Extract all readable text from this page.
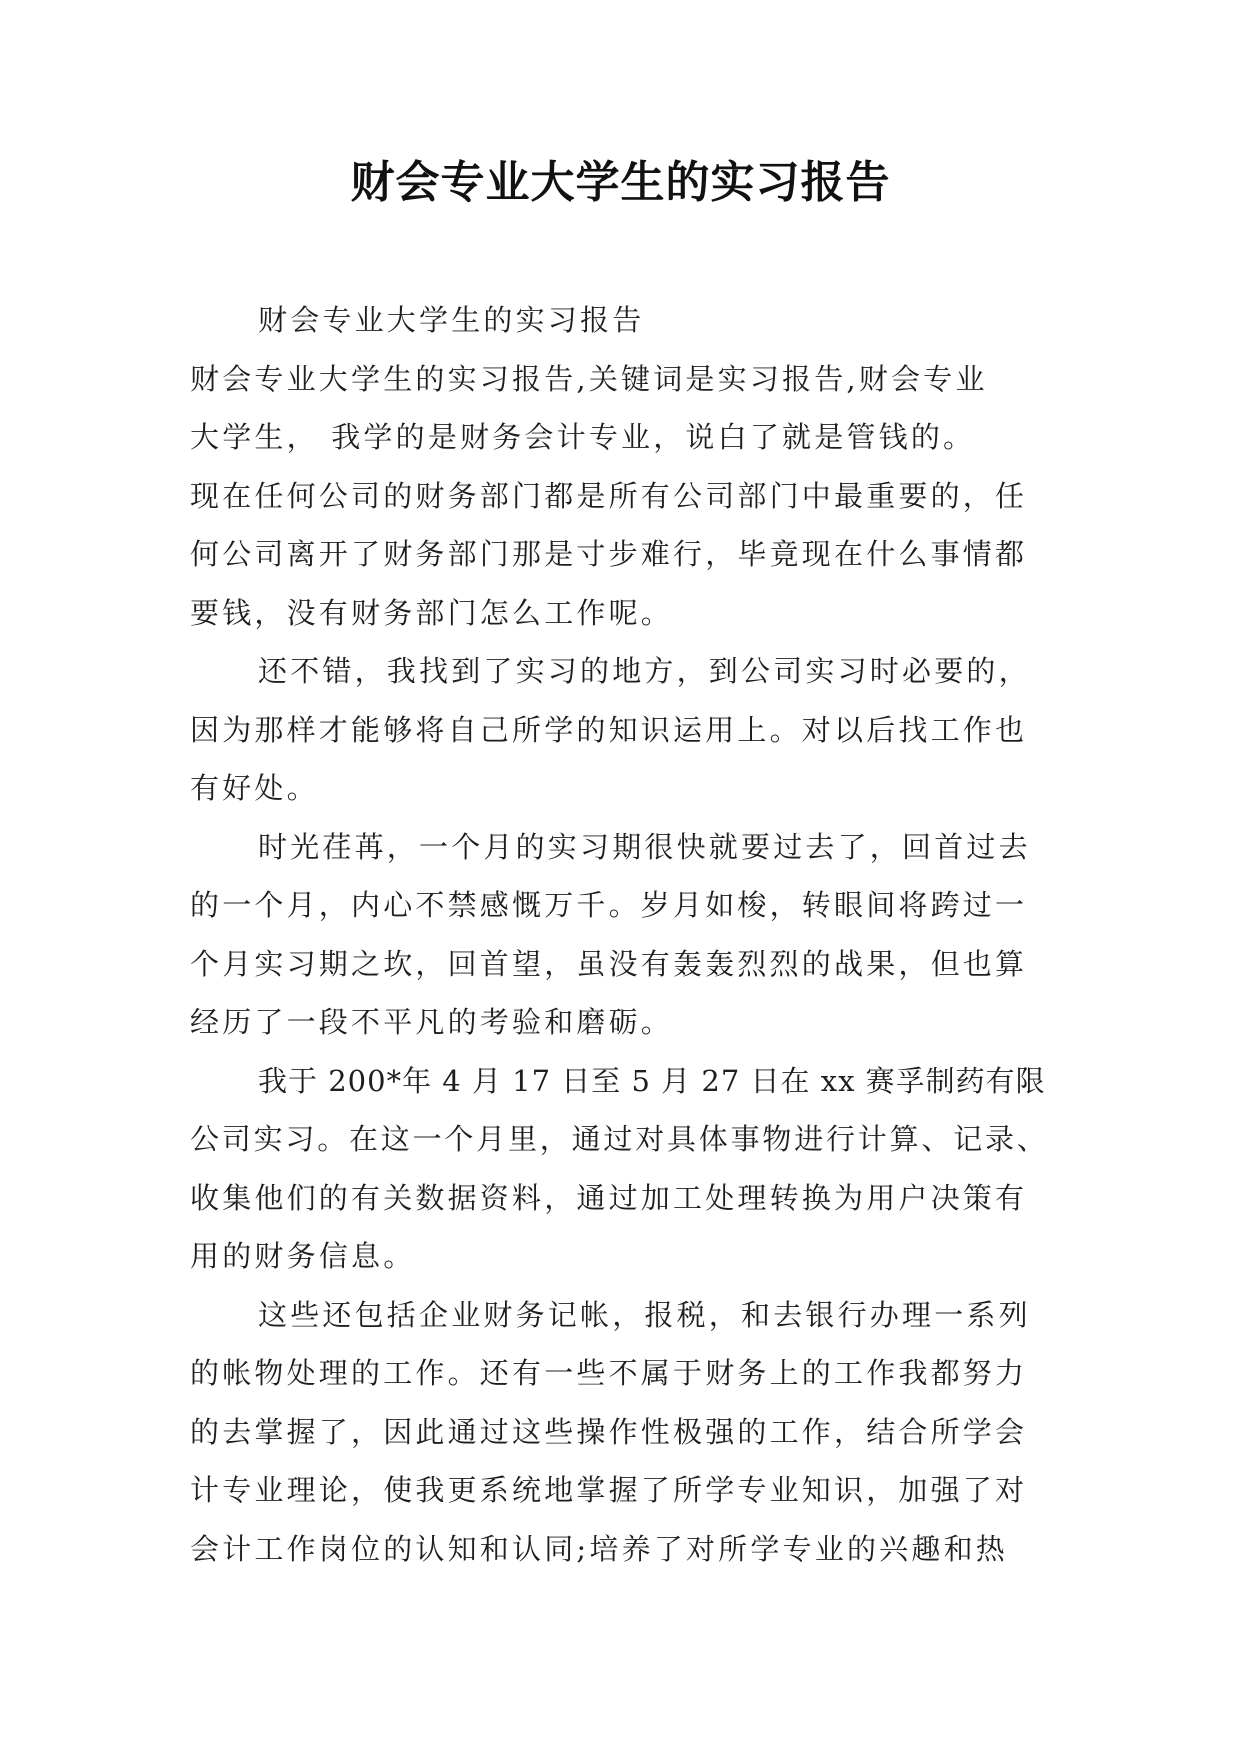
财会专业大学生的实习报告
财会专业大学生的实习报告
财会专业大学生的实习报告,关键词是实习报告,财会专业
大学生， 我学的是财务会计专业，说白了就是管钱的。
现在任何公司的财务部门都是所有公司部门中最重要的，任
何公司离开了财务部门那是寸步难行，毕竟现在什么事情都
要钱，没有财务部门怎么工作呢。
还不错，我找到了实习的地方，到公司实习时必要的，
因为那样才能够将自己所学的知识运用上。对以后找工作也
有好处。
时光荏苒，一个月的实习期很快就要过去了，回首过去
的一个月，内心不禁感慨万千。岁月如梭，转眼间将跨过一
个月实习期之坎，回首望，虽没有轰轰烈烈的战果，但也算
经历了一段不平凡的考验和磨砺。
我于 200*年 4 月 17 日至 5 月 27 日在 xx 赛孚制药有限
公司实习。在这一个月里，通过对具体事物进行计算、记录、
收集他们的有关数据资料，通过加工处理转换为用户决策有
用的财务信息。
这些还包括企业财务记帐，报税，和去银行办理一系列
的帐物处理的工作。还有一些不属于财务上的工作我都努力
的去掌握了，因此通过这些操作性极强的工作，结合所学会
计专业理论，使我更系统地掌握了所学专业知识，加强了对
会计工作岗位的认知和认同;培养了对所学专业的兴趣和热
